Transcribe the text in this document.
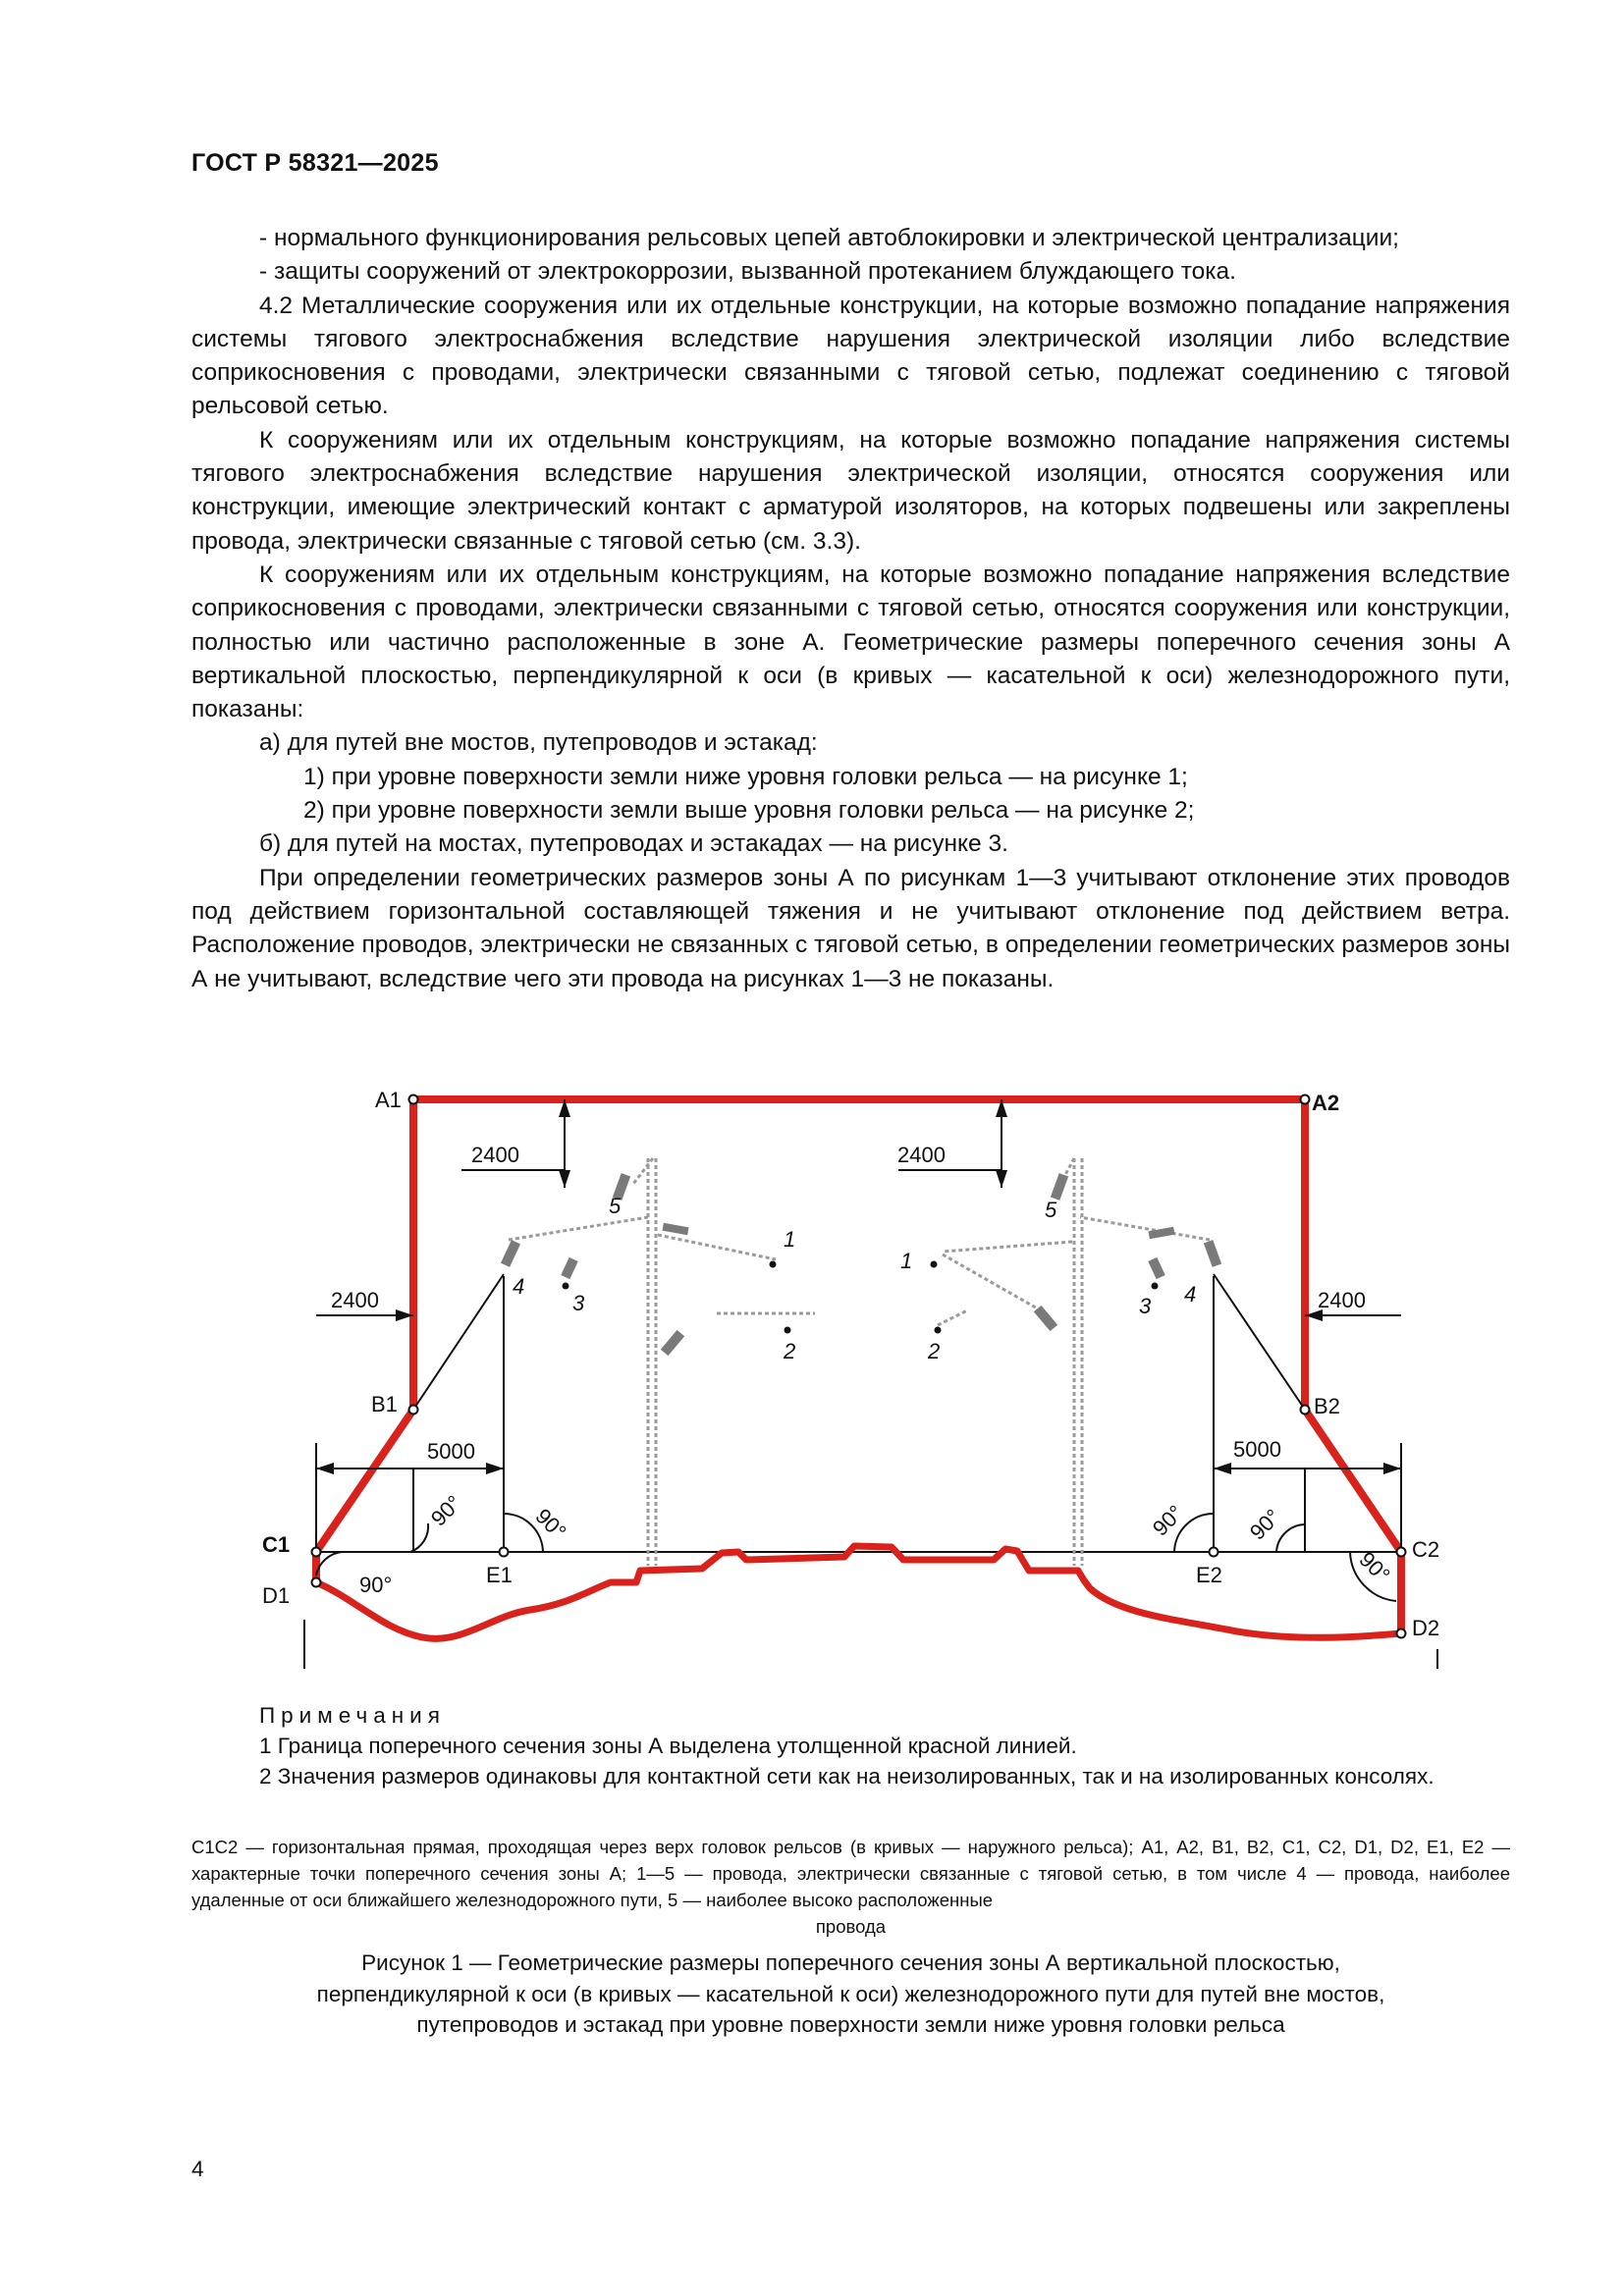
ГОСТ Р 58321—2025

- нормального функционирования рельсовых цепей автоблокировки и электрической централизации;

- защиты сооружений от электрокоррозии, вызванной протеканием блуждающего тока.

4.2 Металлические сооружения или их отдельные конструкции, на которые возможно попадание напряжения системы тягового электроснабжения вследствие нарушения электрической изоляции либо вследствие соприкосновения с проводами, электрически связанными с тяговой сетью, подлежат соединению с тяговой рельсовой сетью.

К сооружениям или их отдельным конструкциям, на которые возможно попадание напряжения системы тягового электроснабжения вследствие нарушения электрической изоляции, относятся сооружения или конструкции, имеющие электрический контакт с арматурой изоляторов, на которых подвешены или закреплены провода, электрически связанные с тяговой сетью (см. 3.3).

К сооружениям или их отдельным конструкциям, на которые возможно попадание напряжения вследствие соприкосновения с проводами, электрически связанными с тяговой сетью, относятся сооружения или конструкции, полностью или частично расположенные в зоне А. Геометрические размеры поперечного сечения зоны А вертикальной плоскостью, перпендикулярной к оси (в кривых — касательной к оси) железнодорожного пути, показаны:

а) для путей вне мостов, путепроводов и эстакад:

1) при уровне поверхности земли ниже уровня головки рельса — на рисунке 1;

2) при уровне поверхности земли выше уровня головки рельса — на рисунке 2;

б) для путей на мостах, путепроводах и эстакадах — на рисунке 3.

При определении геометрических размеров зоны А по рисункам 1—3 учитывают отклонение этих проводов под действием горизонтальной составляющей тяжения и не учитывают отклонение под действием ветра. Расположение проводов, электрически не связанных с тяговой сетью, в определении геометрических размеров зоны А не учитывают, вследствие чего эти провода на рисунках 1—3 не показаны.

А1	А2
В1	В2
С1	С2
D1
D2
Е1	Е2
2400	2400
2400	2400
5000	5000
90°
90°	90°	90°	90°
90°
1
2
3
4
5
1
2
3 4
5

Примечания

1 Граница поперечного сечения зоны А выделена утолщенной красной линией.

2 Значения размеров одинаковы для контактной сети как на неизолированных, так и на изолированных консолях.

С1С2 — горизонтальная прямая, проходящая через верх головок рельсов (в кривых — наружного рельса); А1, А2, В1, В2, С1, С2, D1, D2, Е1, Е2 — характерные точки поперечного сечения зоны А; 1—5 — провода, электрически связанные с тяговой сетью, в том числе 4 — провода, наиболее удаленные от оси ближайшего железнодорожного пути, 5 — наиболее высоко расположенные
провода
Рисунок 1 — Геометрические размеры поперечного сечения зоны А вертикальной плоскостью,
перпендикулярной к оси (в кривых — касательной к оси) железнодорожного пути для путей вне мостов,
путепроводов и эстакад при уровне поверхности земли ниже уровня головки рельса
4
